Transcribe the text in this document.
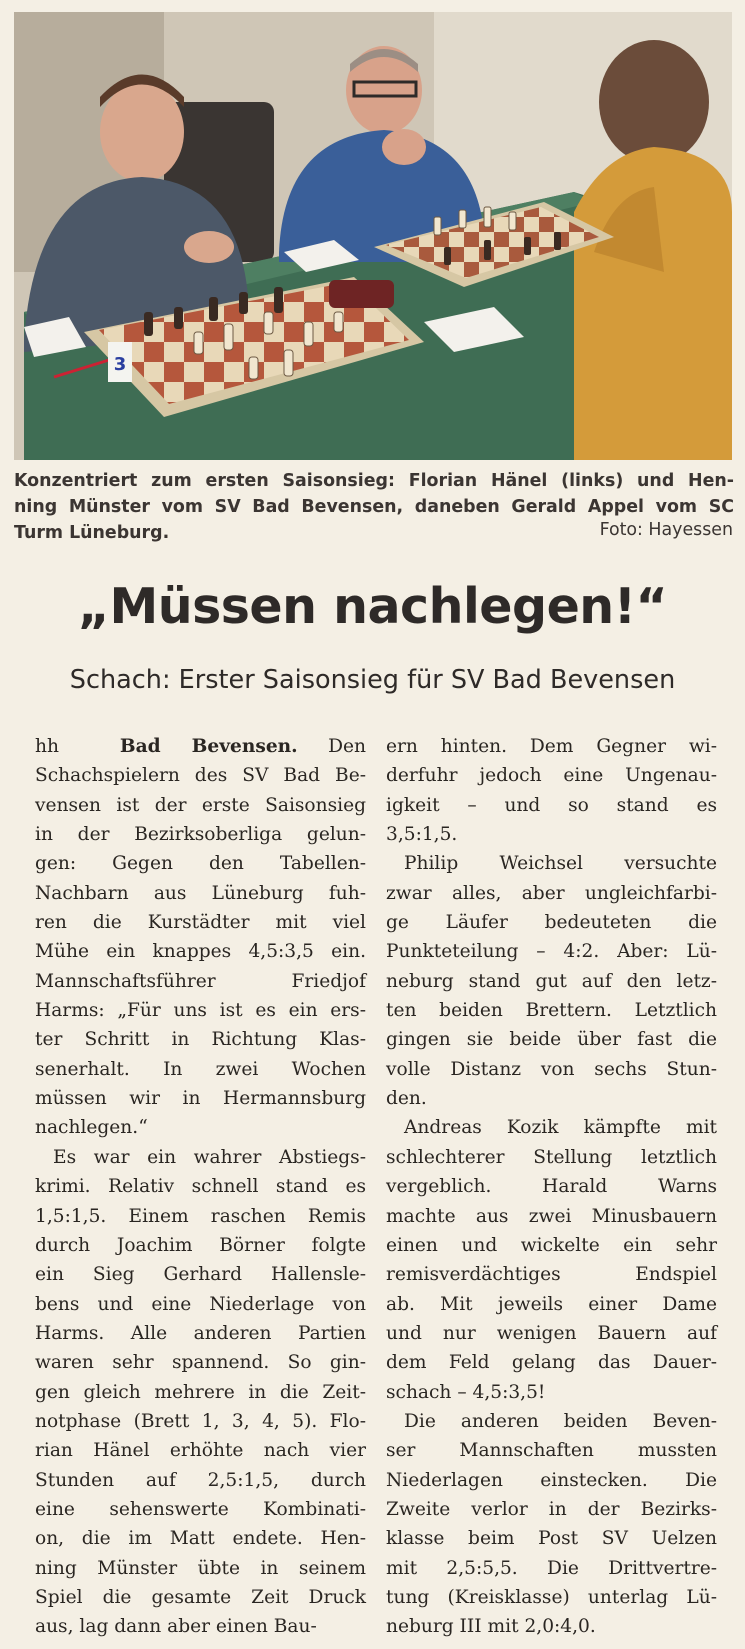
3
Konzentriert zum ersten Saisonsieg: Florian Hänel (links) und Hen-
ning Münster vom SV Bad Bevensen, daneben Gerald Appel vom SC
Turm Lüneburg.	Foto: Hayessen
„Müssen nachlegen!“
Schach: Erster Saisonsieg für SV Bad Bevensen
hh	Bad Bevensen. Den
Schachspielern des SV Bad Be-
vensen ist der erste Saisonsieg
in der Bezirksoberliga gelun-
gen: Gegen den Tabellen-
Nachbarn aus Lüneburg fuh-
ren die Kurstädter mit viel
Mühe ein knappes 4,5:3,5 ein.
Mannschaftsführer Friedjof
Harms: „Für uns ist es ein ers-
ter Schritt in Richtung Klas-
senerhalt. In zwei Wochen
müssen wir in Hermannsburg
nachlegen.“
Es war ein wahrer Abstiegs-
krimi. Relativ schnell stand es
1,5:1,5. Einem raschen Remis
durch Joachim Börner folgte
ein Sieg Gerhard Hallensle-
bens und eine Niederlage von
Harms. Alle anderen Partien
waren sehr spannend. So gin-
gen gleich mehrere in die Zeit-
notphase (Brett 1, 3, 4, 5). Flo-
rian Hänel erhöhte nach vier
Stunden auf 2,5:1,5, durch
eine sehenswerte Kombinati-
on, die im Matt endete. Hen-
ning Münster übte in seinem
Spiel die gesamte Zeit Druck
aus, lag dann aber einen Bau-
ern hinten. Dem Gegner wi-
derfuhr jedoch eine Ungenau-
igkeit – und so stand es
3,5:1,5.
Philip Weichsel versuchte
zwar alles, aber ungleichfarbi-
ge Läufer bedeuteten die
Punkteteilung – 4:2. Aber: Lü-
neburg stand gut auf den letz-
ten beiden Brettern. Letztlich
gingen sie beide über fast die
volle Distanz von sechs Stun-
den.
Andreas Kozik kämpfte mit
schlechterer Stellung letztlich
vergeblich. Harald Warns
machte aus zwei Minusbauern
einen und wickelte ein sehr
remisverdächtiges Endspiel
ab. Mit jeweils einer Dame
und nur wenigen Bauern auf
dem Feld gelang das Dauer-
schach – 4,5:3,5!
Die anderen beiden Beven-
ser Mannschaften mussten
Niederlagen einstecken. Die
Zweite verlor in der Bezirks-
klasse beim Post SV Uelzen
mit 2,5:5,5. Die Drittvertre-
tung (Kreisklasse) unterlag Lü-
neburg III mit 2,0:4,0.
